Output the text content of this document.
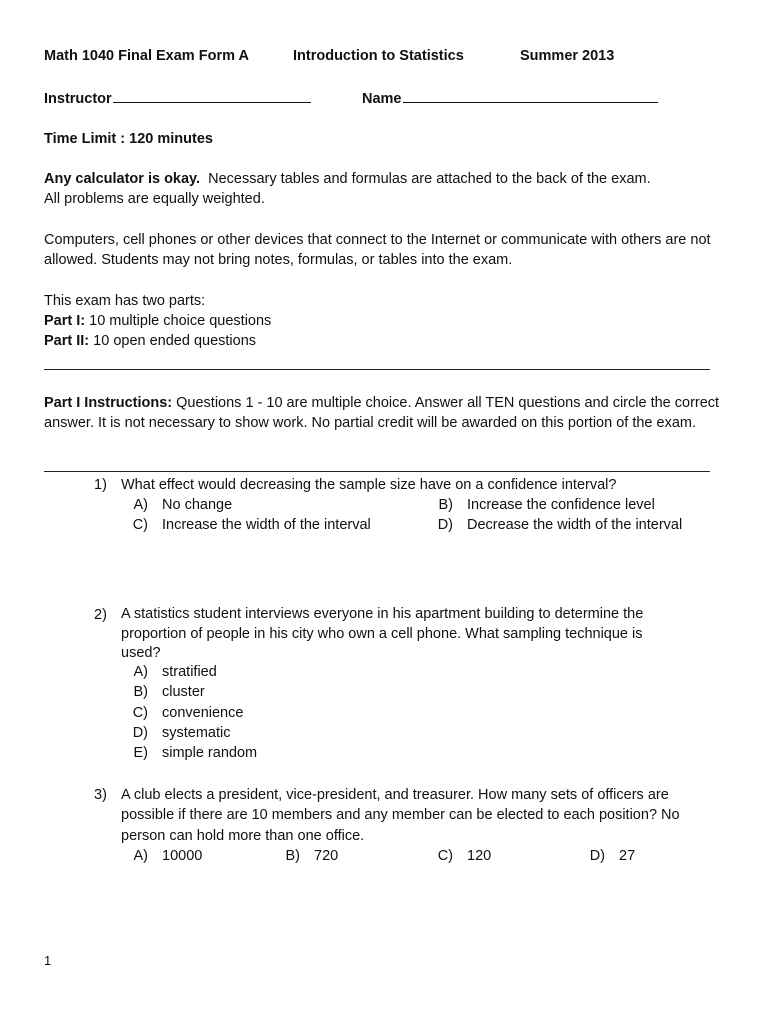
Math 1040 Final Exam Form A	Introduction to Statistics	Summer 2013
Instructor	Name
Time Limit : 120 minutes
Any calculator is okay. Necessary tables and formulas are attached to the back of the exam.
All problems are equally weighted.
Computers, cell phones or other devices that connect to the Internet or communicate with others are not allowed. Students may not bring notes, formulas, or tables into the exam.
This exam has two parts:
Part I: 10 multiple choice questions
Part II: 10 open ended questions
Part I Instructions: Questions 1 - 10 are multiple choice. Answer all TEN questions and circle the correct answer. It is not necessary to show work. No partial credit will be awarded on this portion of the exam.
1) What effect would decreasing the sample size have on a confidence interval?
A) No change	B) Increase the confidence level
C) Increase the width of the interval	D) Decrease the width of the interval
2) A statistics student interviews everyone in his apartment building to determine the proportion of people in his city who own a cell phone. What sampling technique is used?
A) stratified
B) cluster
C) convenience
D) systematic
E) simple random
3) A club elects a president, vice-president, and treasurer. How many sets of officers are possible if there are 10 members and any member can be elected to each position? No person can hold more than one office.
A) 10000	B) 720	C) 120	D) 27
1
